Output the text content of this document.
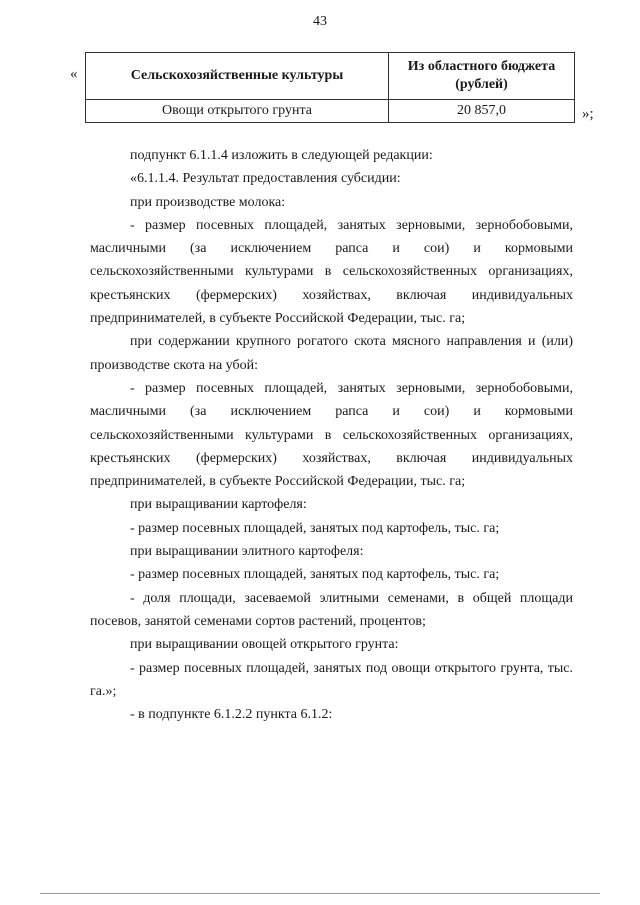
43
«	Сельскохозяйственные культуры	Из областного бюджета (рублей)
Овощи открытого грунта	20 857,0	»;

подпункт 6.1.1.4 изложить в следующей редакции:

«6.1.1.4. Результат предоставления субсидии:

при производстве молока:

- размер посевных площадей, занятых зерновыми, зернобобовыми, масличными (за исключением рапса и сои) и кормовыми сельскохозяйственными культурами в сельскохозяйственных организациях, крестьянских (фермерских) хозяйствах, включая индивидуальных предпринимателей, в субъекте Российской Федерации, тыс. га;

при содержании крупного рогатого скота мясного направления и (или) производстве скота на убой:

- размер посевных площадей, занятых зерновыми, зернобобовыми, масличными (за исключением рапса и сои) и кормовыми сельскохозяйственными культурами в сельскохозяйственных организациях, крестьянских (фермерских) хозяйствах, включая индивидуальных предпринимателей, в субъекте Российской Федерации, тыс. га;

при выращивании картофеля:

- размер посевных площадей, занятых под картофель, тыс. га;

при выращивании элитного картофеля:

- размер посевных площадей, занятых под картофель, тыс. га;

- доля площади, засеваемой элитными семенами, в общей площади посевов, занятой семенами сортов растений, процентов;

при выращивании овощей открытого грунта:

- размер посевных площадей, занятых под овощи открытого грунта, тыс. га.»;

- в подпункте 6.1.2.2 пункта 6.1.2:
